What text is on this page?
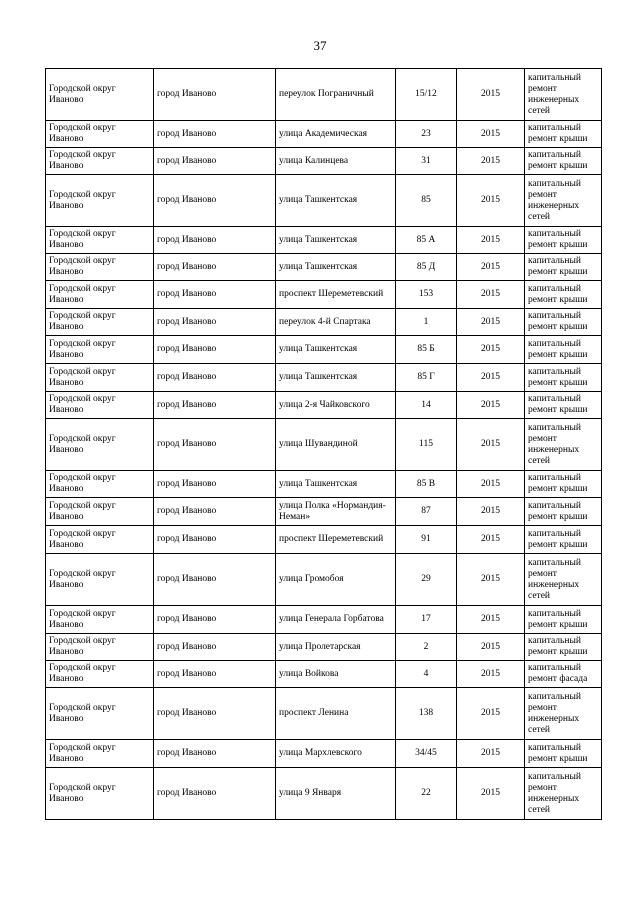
37
Городской округ Иваново	город Иваново	переулок Пограничный	15/12	2015	капитальный ремонт инженерных сетей
Городской округ Иваново	город Иваново	улица Академическая	23	2015	капитальный ремонт крыши
Городской округ Иваново	город Иваново	улица Калинцева	31	2015	капитальный ремонт крыши
Городской округ Иваново	город Иваново	улица Ташкентская	85	2015	капитальный ремонт инженерных сетей
Городской округ Иваново	город Иваново	улица Ташкентская	85 А	2015	капитальный ремонт крыши
Городской округ Иваново	город Иваново	улица Ташкентская	85 Д	2015	капитальный ремонт крыши
Городской округ Иваново	город Иваново	проспект Шереметевский	153	2015	капитальный ремонт крыши
Городской округ Иваново	город Иваново	переулок 4-й Спартака	1	2015	капитальный ремонт крыши
Городской округ Иваново	город Иваново	улица Ташкентская	85 Б	2015	капитальный ремонт крыши
Городской округ Иваново	город Иваново	улица Ташкентская	85 Г	2015	капитальный ремонт крыши
Городской округ Иваново	город Иваново	улица 2-я Чайковского	14	2015	капитальный ремонт крыши
Городской округ Иваново	город Иваново	улица Шувандиной	115	2015	капитальный ремонт инженерных сетей
Городской округ Иваново	город Иваново	улица Ташкентская	85 В	2015	капитальный ремонт крыши
Городской округ Иваново	город Иваново	улица Полка «Нормандия-Неман»	87	2015	капитальный ремонт крыши
Городской округ Иваново	город Иваново	проспект Шереметевский	91	2015	капитальный ремонт крыши
Городской округ Иваново	город Иваново	улица Громобоя	29	2015	капитальный ремонт инженерных сетей
Городской округ Иваново	город Иваново	улица Генерала Горбатова	17	2015	капитальный ремонт крыши
Городской округ Иваново	город Иваново	улица Пролетарская	2	2015	капитальный ремонт крыши
Городской округ Иваново	город Иваново	улица Войкова	4	2015	капитальный ремонт фасада
Городской округ Иваново	город Иваново	проспект Ленина	138	2015	капитальный ремонт инженерных сетей
Городской округ Иваново	город Иваново	улица Мархлевского	34/45	2015	капитальный ремонт крыши
Городской округ Иваново	город Иваново	улица 9 Января	22	2015	капитальный ремонт инженерных сетей
